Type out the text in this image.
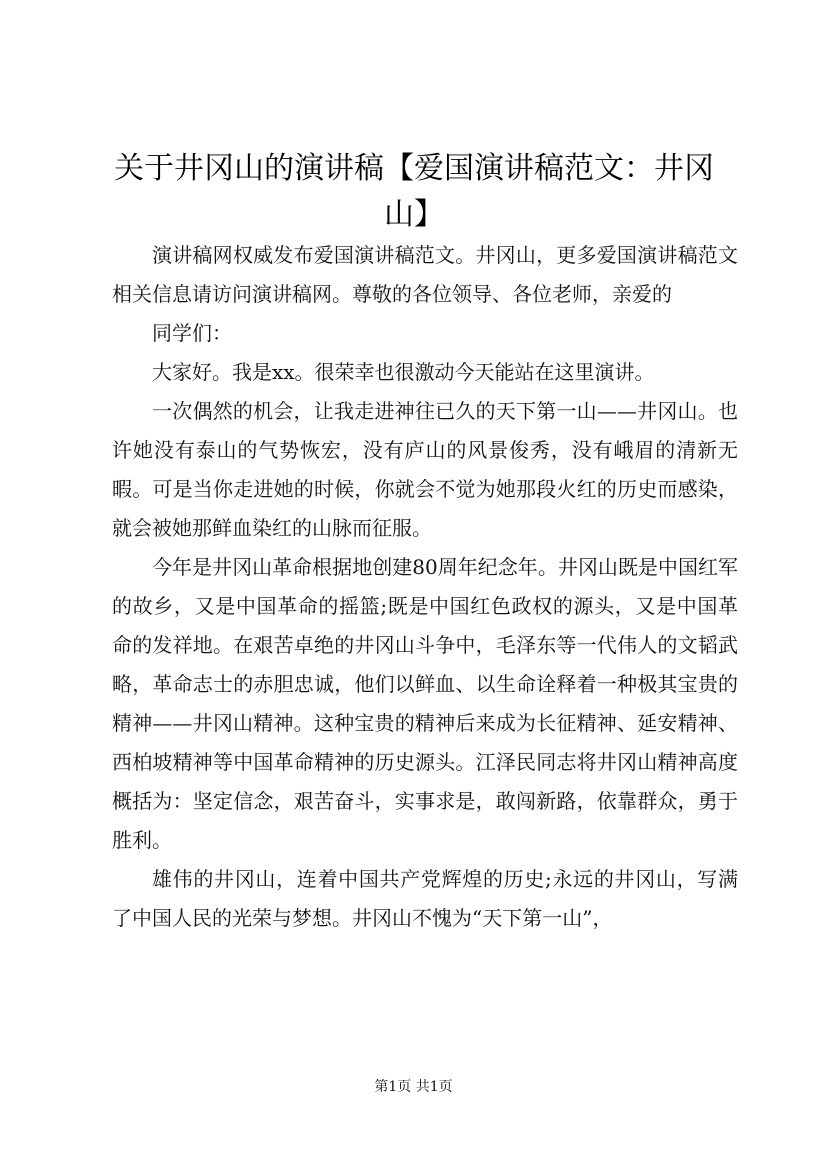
关于井冈山的演讲稿【爱国演讲稿范文：井冈山】

演讲稿网权威发布爱国演讲稿范文。井冈山，更多爱国演讲稿范文相关信息请访问演讲稿网。尊敬的各位领导、各位老师，亲爱的

同学们：

大家好。我是xx。很荣幸也很激动今天能站在这里演讲。

一次偶然的机会，让我走进神往已久的天下第一山——井冈山。也许她没有泰山的气势恢宏，没有庐山的风景俊秀，没有峨眉的清新无暇。可是当你走进她的时候，你就会不觉为她那段火红的历史而感染，就会被她那鲜血染红的山脉而征服。

今年是井冈山革命根据地创建80周年纪念年。井冈山既是中国红军的故乡，又是中国革命的摇篮;既是中国红色政权的源头，又是中国革命的发祥地。在艰苦卓绝的井冈山斗争中，毛泽东等一代伟人的文韬武略，革命志士的赤胆忠诚，他们以鲜血、以生命诠释着一种极其宝贵的精神——井冈山精神。这种宝贵的精神后来成为长征精神、延安精神、西柏坡精神等中国革命精神的历史源头。江泽民同志将井冈山精神高度概括为：坚定信念，艰苦奋斗，实事求是，敢闯新路，依靠群众，勇于胜利。

雄伟的井冈山，连着中国共产党辉煌的历史;永远的井冈山，写满了中国人民的光荣与梦想。井冈山不愧为“天下第一山”，

第1页 共1页
